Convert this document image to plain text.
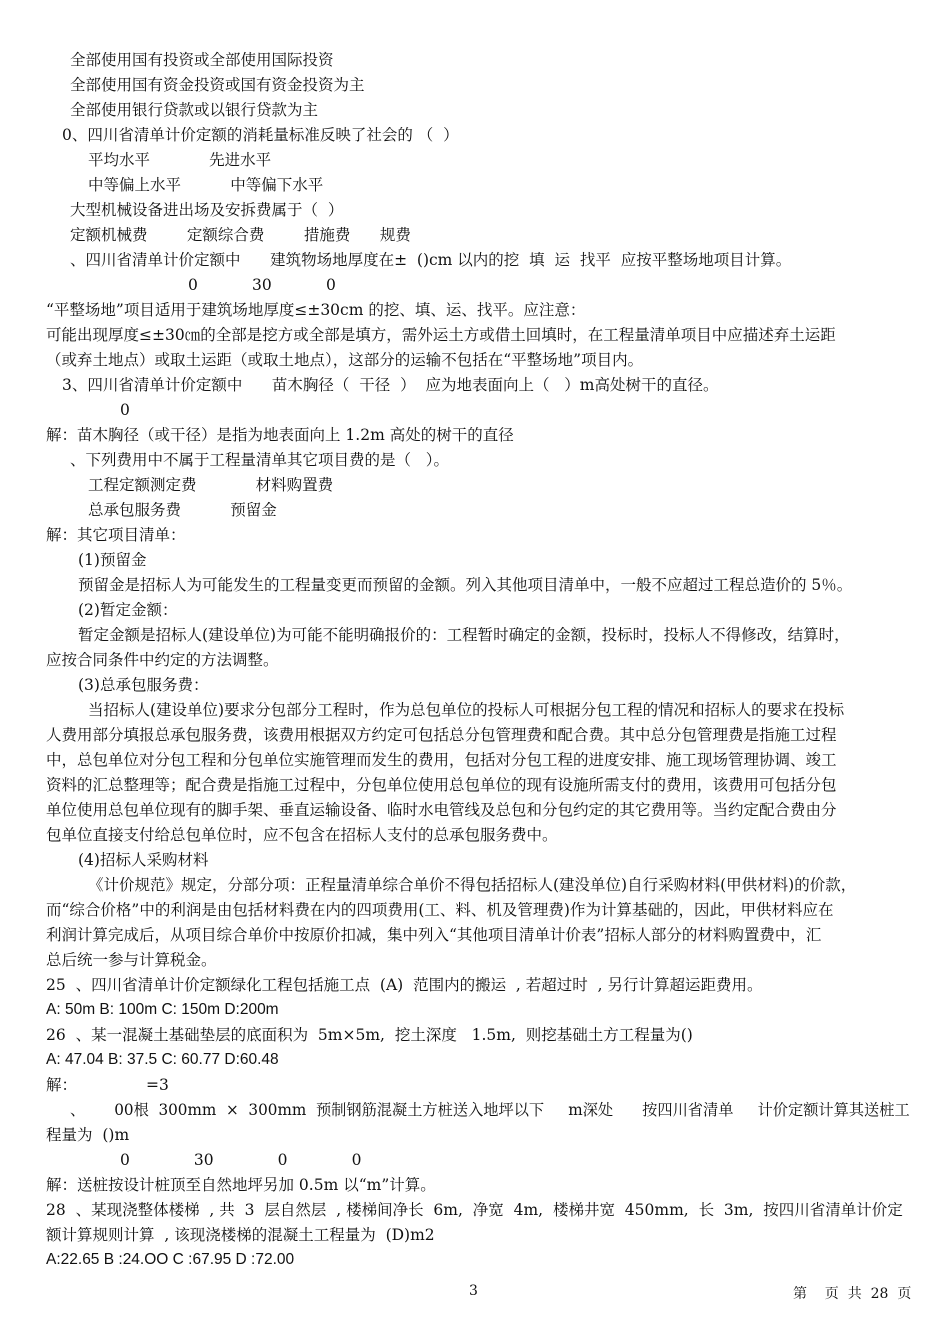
全部使用国有投资或全部使用国际投资
全部使用国有资金投资或国有资金投资为主
全部使用银行贷款或以银行贷款为主
0、四川省清单计价定额的消耗量标准反映了社会的 （  ）
平均水平            先进水平
中等偏上水平          中等偏下水平
大型机械设备进出场及安拆费属于（  ）
定额机械费        定额综合费        措施费      规费
、四川省清单计价定额中      建筑物场地厚度在±  ()cm 以内的挖  填  运  找平  应按平整场地项目计算。
0           30           0
“平整场地”项目适用于建筑场地厚度≤±30cm 的挖、填、运、找平。应注意：
可能出现厚度≤±30㎝的全部是挖方或全部是填方，需外运土方或借土回填时，在工程量清单项目中应描述弃土运距
（或弃土地点）或取土运距（或取土地点），这部分的运输不包括在“平整场地”项目内。
3、四川省清单计价定额中      苗木胸径（  干径  ）  应为地表面向上（   ）m高处树干的直径。
0
解：苗木胸径（或干径）是指为地表面向上 1.2m 高处的树干的直径
、下列费用中不属于工程量清单其它项目费的是（   ）。
工程定额测定费            材料购置费
总承包服务费          预留金
解：其它项目清单：
(1)预留金
预留金是招标人为可能发生的工程量变更而预留的金额。列入其他项目清单中，一般不应超过工程总造价的 5％。
(2)暂定金额：
暂定金额是招标人(建设单位)为可能不能明确报价的：工程暂时确定的金额，投标时，投标人不得修改，结算时，
应按合同条件中约定的方法调整。
(3)总承包服务费：
当招标人(建设单位)要求分包部分工程时，作为总包单位的投标人可根据分包工程的情况和招标人的要求在投标
人费用部分填报总承包服务费，该费用根据双方约定可包括总分包管理费和配合费。其中总分包管理费是指施工过程
中，总包单位对分包工程和分包单位实施管理而发生的费用，包括对分包工程的进度安排、施工现场管理协调、竣工
资料的汇总整理等；配合费是指施工过程中，分包单位使用总包单位的现有设施所需支付的费用，该费用可包括分包
单位使用总包单位现有的脚手架、垂直运输设备、临时水电管线及总包和分包约定的其它费用等。当约定配合费由分
包单位直接支付给总包单位时，应不包含在招标人支付的总承包服务费中。
(4)招标人采购材料
《计价规范》规定，分部分项：正程量清单综合单价不得包括招标人(建没单位)自行采购材料(甲供材料)的价款，
而“综合价格”中的利润是由包括材料费在内的四项费用(工、料、机及管理费)作为计算基础的，因此，甲供材料应在
利润计算完成后，从项目综合单价中按原价扣减，集中列入“其他项目清单计价表”招标人部分的材料购置费中，汇
总后统一参与计算税金。
25  、四川省清单计价定额绿化工程包括施工点  (A)  范围内的搬运  , 若超过时  , 另行计算超运距费用。
A: 50m B: 100m C: 150m D:200m
26  、某一混凝土基础垫层的底面积为  5m×5m,  挖土深度   1.5m,  则挖基础土方工程量为()
A: 47.04 B: 37.5 C: 60.77 D:60.48
解：              =3
、      00根  300mm  ×  300mm  预制钢筋混凝土方桩送入地坪以下     m深处      按四川省清单     计价定额计算其送桩工
程量为  ()m
0             30             0             0
解：送桩按设计桩顶至自然地坪另加 0.5m 以“m”计算。
28  、某现浇整体楼梯  , 共  3  层自然层  , 楼梯间净长  6m,  净宽  4m,  楼梯井宽  450mm,  长  3m,  按四川省清单计价定
额计算规则计算  , 该现浇楼梯的混凝土工程量为  (D)m2
A:22.65 B :24.OO C :67.95 D :72.00
3	第    页  共  28  页
